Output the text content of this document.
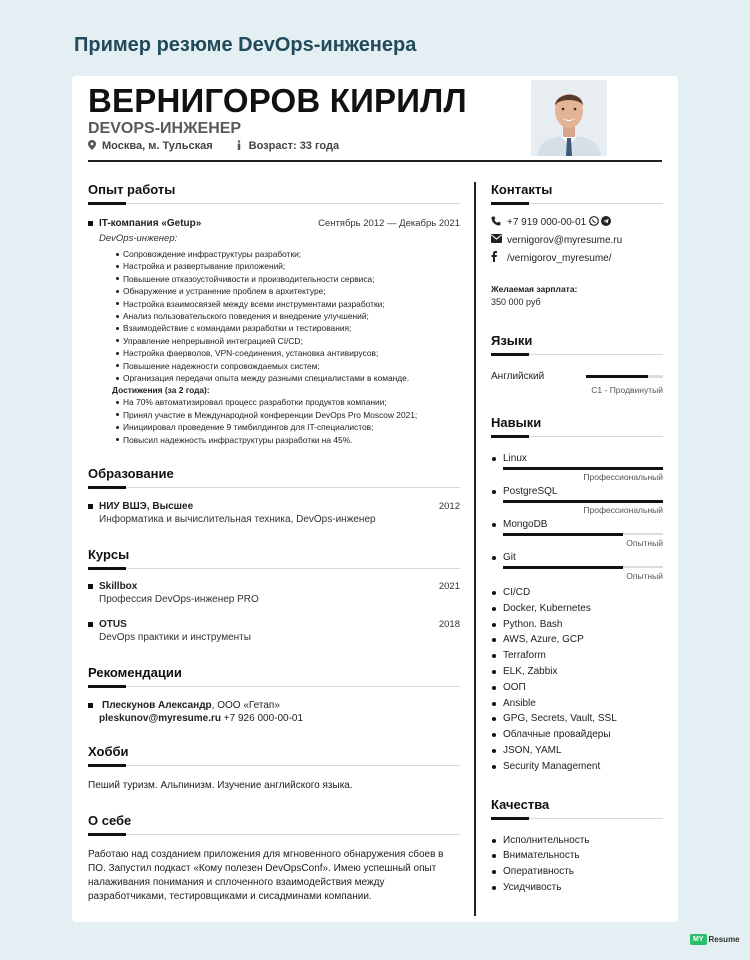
Пример резюме DevOps-инженера
ВЕРНИГОРОВ КИРИЛЛ
DEVOPS-ИНЖЕНЕР
Москва, м. Тульская	Возраст: 33 года
Опыт работы
IT-компания «Getup»	Сентябрь 2012 — Декабрь 2021
DevOps-инженер:
Сопровождение инфраструктуры разработки;
Настройка и развертывание приложений;
Повышение отказоустойчивости и производительности сервиса;
Обнаружение и устранение проблем в архитектуре;
Настройка взаимосвязей между всеми инструментами разработки;
Анализ пользовательского поведения и внедрение улучшений;
Взаимодействие с командами разработки и тестирования;
Управление непрерывной интеграцией CI/CD;
Настройка фаерволов, VPN-соединения, установка антивирусов;
Повышение надежности сопровождаемых систем;
Организация передачи опыта между разными специалистами в команде.
Достижения (за 2 года):
На 70% автоматизировал процесс разработки продуктов компании;
Принял участие в Международной конференции DevOps Pro Moscow 2021;
Инициировал проведение 9 тимбилдингов для IT-специалистов;
Повысил надежность инфраструктуры разработки на 45%.
Образование
НИУ ВШЭ, Высшее	2012
Информатика и вычислительная техника, DevOps-инженер
Курсы
Skillbox	2021
Профессия DevOps-инженер PRO
OTUS	2018
DevOps практики и инструменты
Рекомендации
Плескунов Александр, ООО «Гетап»
pleskunov@myresume.ru +7 926 000-00-01
Хобби
Пеший туризм. Альпинизм. Изучение английского языка.
О себе
Работаю над созданием приложения для мгновенного обнаружения сбоев в ПО. Запустил подкаст «Кому полезен DevOpsConf». Имею успешный опыт налаживания понимания и сплоченного взаимодействия между разработчиками, тестировщиками и сисадминами компании.
Контакты
+7 919 000-00-01
vernigorov@myresume.ru
/vernigorov_myresume/
Желаемая зарплата:
350 000 руб
Языки
Английский
C1 - Продвинутый
Навыки
Linux
Профессиональный
PostgreSQL
Профессиональный
MongoDB
Опытный
Git
Опытный
CI/CD
Docker, Kubernetes
Python. Bash
AWS, Azure, GCP
Terraform
ELK, Zabbix
ООП
Ansible
GPG, Secrets, Vault, SSL
Облачные провайдеры
JSON, YAML
Security Management
Качества
Исполнительность
Внимательность
Оперативность
Усидчивость
MY Resume
